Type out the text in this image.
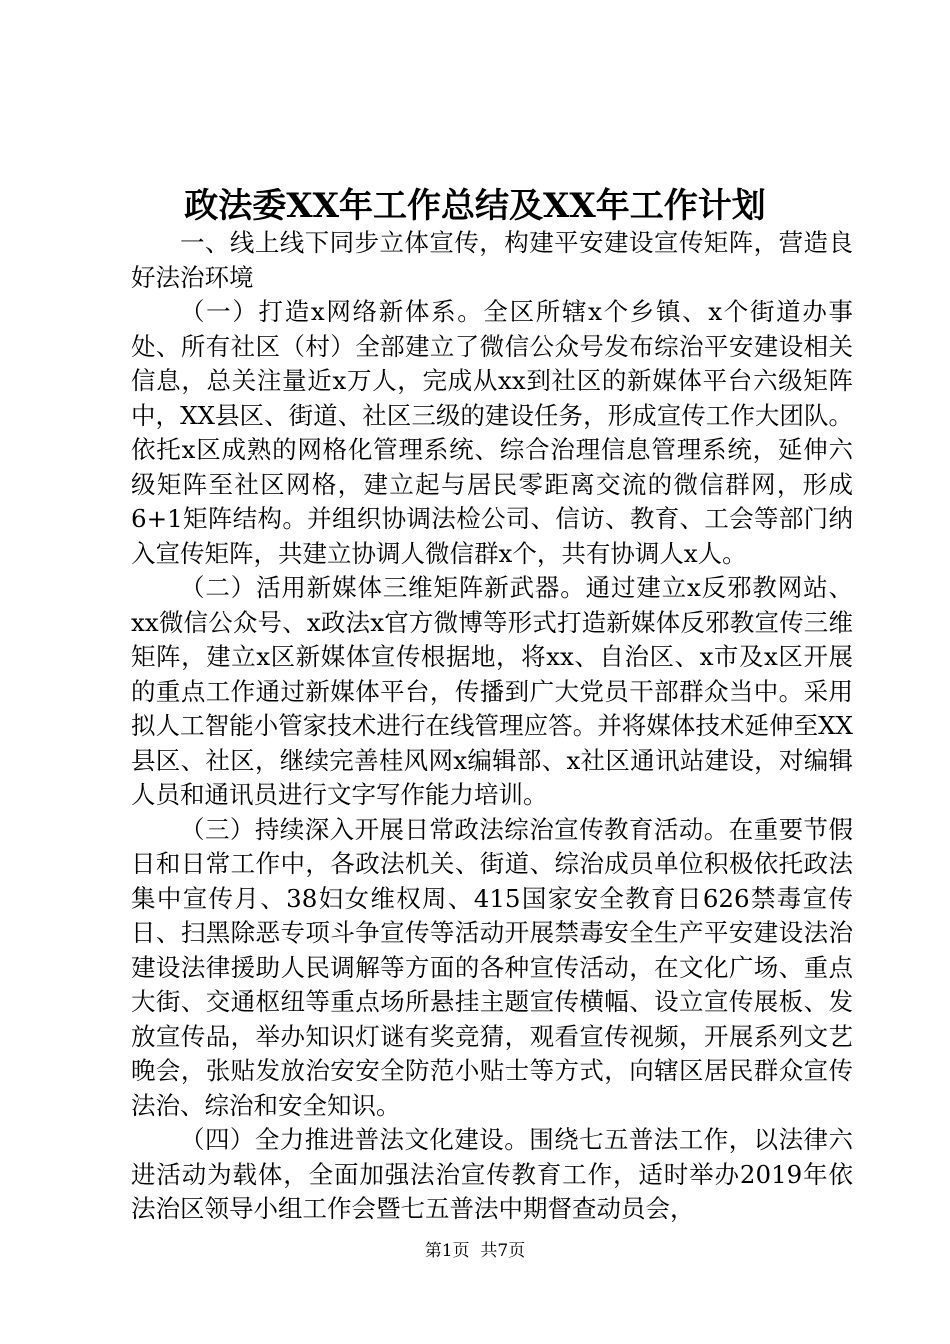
政法委XX年工作总结及XX年工作计划

一、线上线下同步立体宣传，构建平安建设宣传矩阵，营造良好法治环境

（一）打造x网络新体系。全区所辖x个乡镇、x个街道办事处、所有社区（村）全部建立了微信公众号发布综治平安建设相关信息，总关注量近x万人，完成从xx到社区的新媒体平台六级矩阵中，XX县区、街道、社区三级的建设任务，形成宣传工作大团队。依托x区成熟的网格化管理系统、综合治理信息管理系统，延伸六级矩阵至社区网格，建立起与居民零距离交流的微信群网，形成6+1矩阵结构。并组织协调法检公司、信访、教育、工会等部门纳入宣传矩阵，共建立协调人微信群x个，共有协调人x人。

（二）活用新媒体三维矩阵新武器。通过建立x反邪教网站、xx微信公众号、x政法x官方微博等形式打造新媒体反邪教宣传三维矩阵，建立x区新媒体宣传根据地，将xx、自治区、x市及x区开展的重点工作通过新媒体平台，传播到广大党员干部群众当中。采用拟人工智能小管家技术进行在线管理应答。并将媒体技术延伸至XX县区、社区，继续完善桂风网x编辑部、x社区通讯站建设，对编辑人员和通讯员进行文字写作能力培训。

（三）持续深入开展日常政法综治宣传教育活动。在重要节假日和日常工作中，各政法机关、街道、综治成员单位积极依托政法集中宣传月、38妇女维权周、415国家安全教育日626禁毒宣传日、扫黑除恶专项斗争宣传等活动开展禁毒安全生产平安建设法治建设法律援助人民调解等方面的各种宣传活动，在文化广场、重点大街、交通枢纽等重点场所悬挂主题宣传横幅、设立宣传展板、发放宣传品，举办知识灯谜有奖竞猜，观看宣传视频，开展系列文艺晚会，张贴发放治安安全防范小贴士等方式，向辖区居民群众宣传法治、综治和安全知识。

（四）全力推进普法文化建设。围绕七五普法工作，以法律六进活动为载体，全面加强法治宣传教育工作，适时举办2019年依法治区领导小组工作会暨七五普法中期督查动员会，

第1页  共7页
